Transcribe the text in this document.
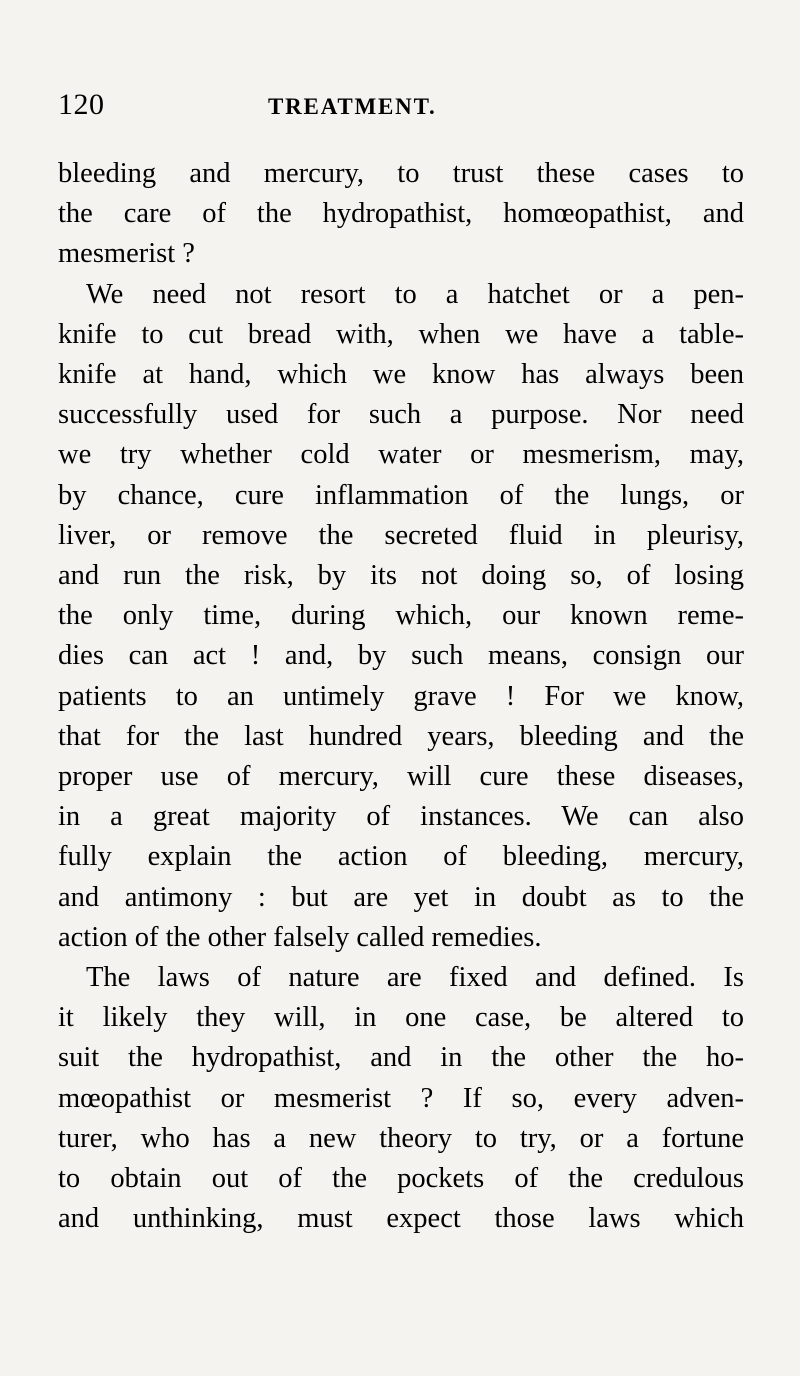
120	TREATMENT.
bleeding and mercury, to trust these cases to
the care of the hydropathist, homœopathist, and
mesmerist ?
We need not resort to a hatchet or a pen-
knife to cut bread with, when we have a table-
knife at hand, which we know has always been
successfully used for such a purpose. Nor need
we try whether cold water or mesmerism, may,
by chance, cure inflammation of the lungs, or
liver, or remove the secreted fluid in pleurisy,
and run the risk, by its not doing so, of losing
the only time, during which, our known reme-
dies can act ! and, by such means, consign our
patients to an untimely grave ! For we know,
that for the last hundred years, bleeding and the
proper use of mercury, will cure these diseases,
in a great majority of instances. We can also
fully explain the action of bleeding, mercury,
and antimony : but are yet in doubt as to the
action of the other falsely called remedies.
The laws of nature are fixed and defined. Is
it likely they will, in one case, be altered to
suit the hydropathist, and in the other the ho-
mœopathist or mesmerist ? If so, every adven-
turer, who has a new theory to try, or a fortune
to obtain out of the pockets of the credulous
and unthinking, must expect those laws which
